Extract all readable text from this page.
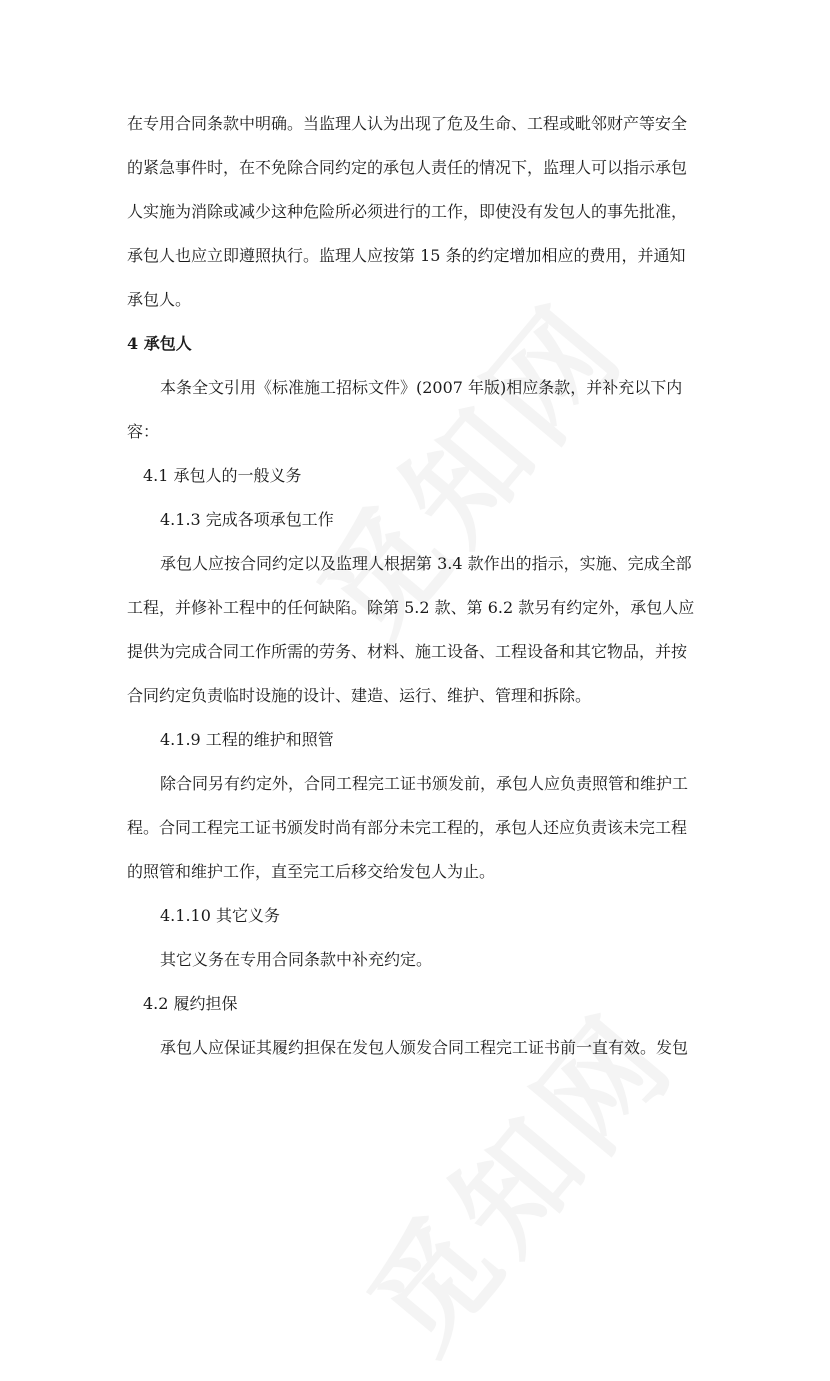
在专用合同条款中明确。当监理人认为出现了危及生命、工程或毗邻财产等安全
的紧急事件时，在不免除合同约定的承包人责任的情况下，监理人可以指示承包
人实施为消除或减少这种危险所必须进行的工作，即使没有发包人的事先批准，
承包人也应立即遵照执行。监理人应按第 15 条的约定增加相应的费用，并通知
承包人。
4 承包人
本条全文引用《标准施工招标文件》(2007 年版)相应条款，并补充以下内
容：
4.1 承包人的一般义务
4.1.3 完成各项承包工作
承包人应按合同约定以及监理人根据第 3.4 款作出的指示，实施、完成全部
工程，并修补工程中的任何缺陷。除第 5.2 款、第 6.2 款另有约定外，承包人应
提供为完成合同工作所需的劳务、材料、施工设备、工程设备和其它物品，并按
合同约定负责临时设施的设计、建造、运行、维护、管理和拆除。
4.1.9 工程的维护和照管
除合同另有约定外，合同工程完工证书颁发前，承包人应负责照管和维护工
程。合同工程完工证书颁发时尚有部分未完工程的，承包人还应负责该未完工程
的照管和维护工作，直至完工后移交给发包人为止。
4.1.10 其它义务
其它义务在专用合同条款中补充约定。
4.2 履约担保
承包人应保证其履约担保在发包人颁发合同工程完工证书前一直有效。发包
